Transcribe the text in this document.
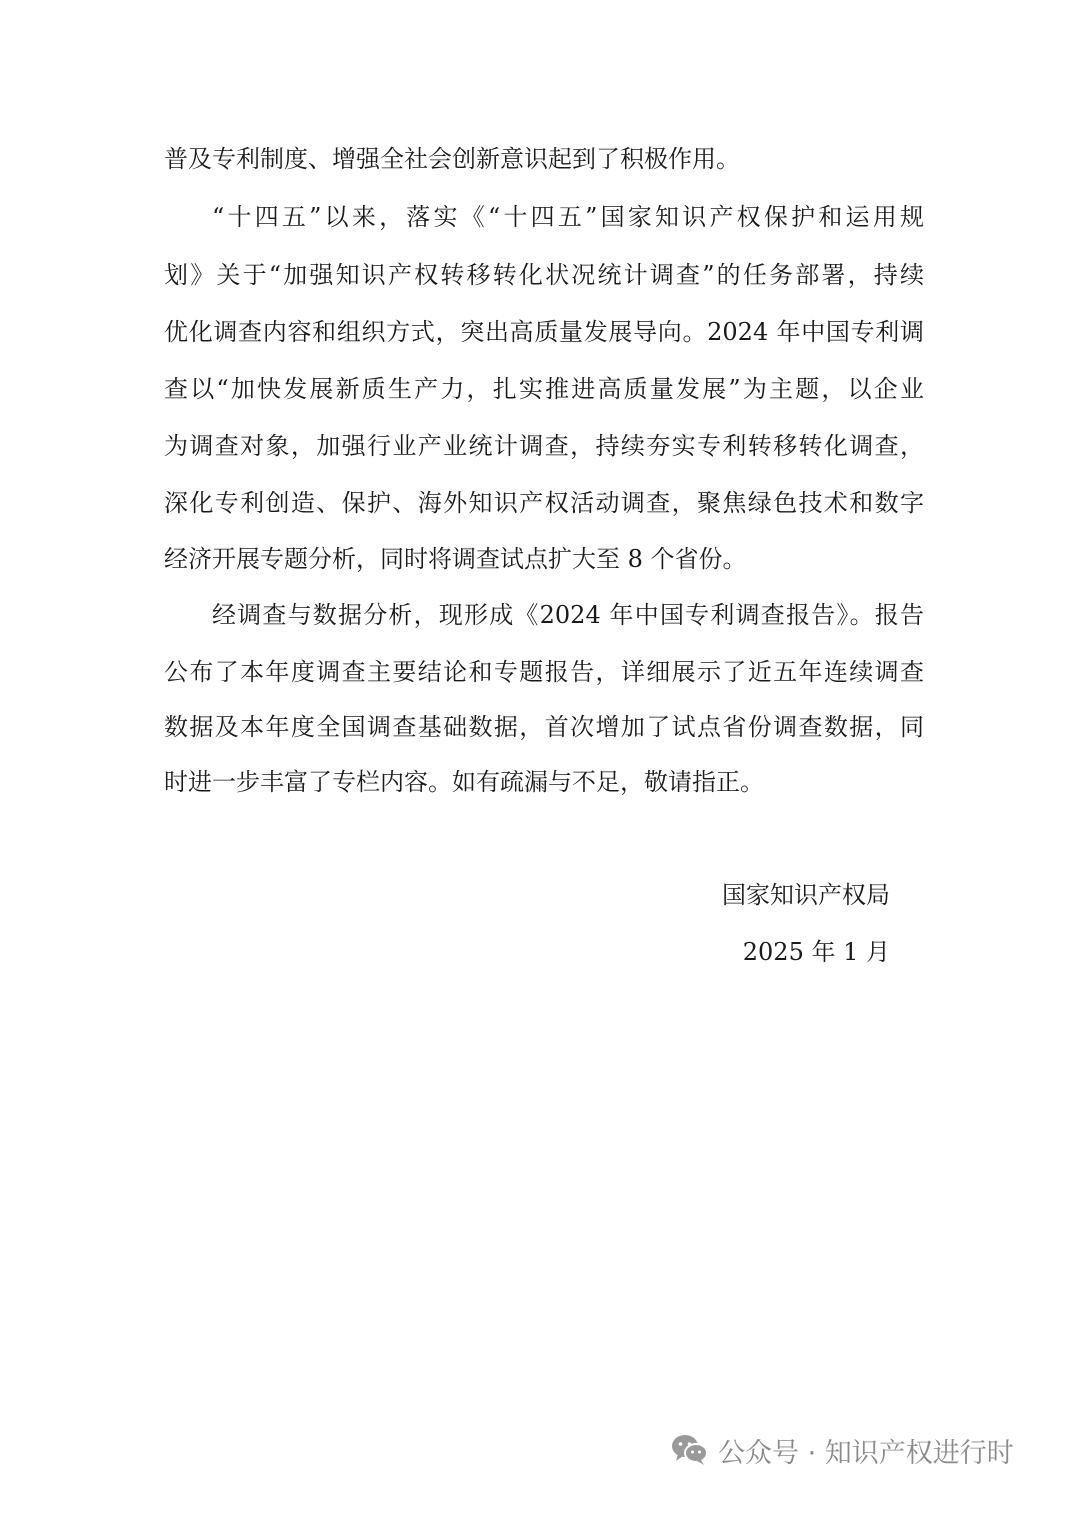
普及专利制度、增强全社会创新意识起到了积极作用。
“十四五”以来，落实《“十四五”国家知识产权保护和运用规
划》关于“加强知识产权转移转化状况统计调查”的任务部署，持续
优化调查内容和组织方式，突出高质量发展导向。2024 年中国专利调
查以“加快发展新质生产力，扎实推进高质量发展”为主题，以企业
为调查对象，加强行业产业统计调查，持续夯实专利转移转化调查，
深化专利创造、保护、海外知识产权活动调查，聚焦绿色技术和数字
经济开展专题分析，同时将调查试点扩大至 8 个省份。
经调查与数据分析，现形成《2024 年中国专利调查报告》。报告
公布了本年度调查主要结论和专题报告，详细展示了近五年连续调查
数据及本年度全国调查基础数据，首次增加了试点省份调查数据，同
时进一步丰富了专栏内容。如有疏漏与不足，敬请指正。
国家知识产权局
2025 年 1 月
公众号 · 知识产权进行时
